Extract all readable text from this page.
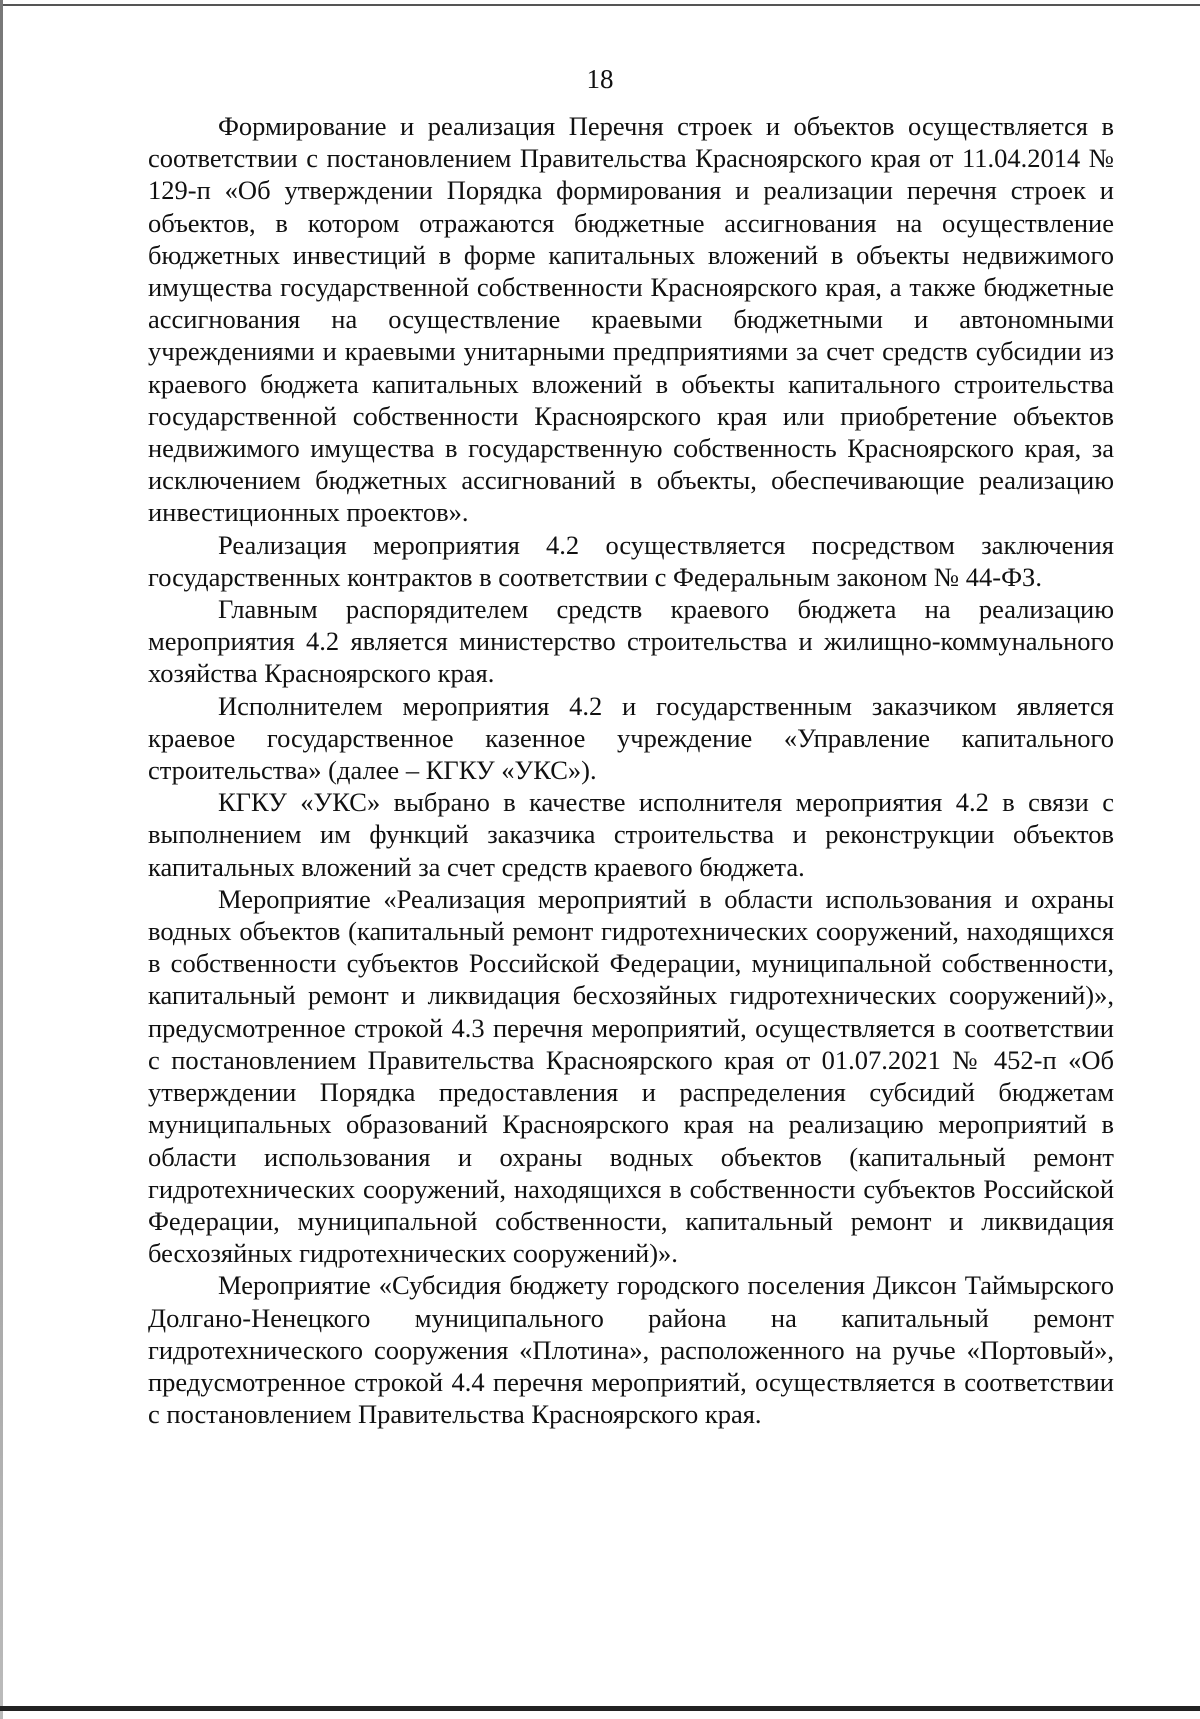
18

Формирование и реализация Перечня строек и объектов осуществляется в соответствии с постановлением Правительства Красноярского края от 11.04.2014 № 129-п «Об утверждении Порядка формирования и реализации перечня строек и объектов, в котором отражаются бюджетные ассигнования на осуществление бюджетных инвестиций в форме капитальных вложений в объекты недвижимого имущества государственной собственности Красноярского края, а также бюджетные ассигнования на осуществление краевыми бюджетными и автономными учреждениями и краевыми унитарными предприятиями за счет средств субсидии из краевого бюджета капитальных вложений в объекты капитального строительства государственной собственности Красноярского края или приобретение объектов недвижимого имущества в государственную собственность Красноярского края, за исключением бюджетных ассигнований в объекты, обеспечивающие реализацию инвестиционных проектов».

Реализация мероприятия 4.2 осуществляется посредством заключения государственных контрактов в соответствии с Федеральным законом № 44-ФЗ.

Главным распорядителем средств краевого бюджета на реализацию мероприятия 4.2 является министерство строительства и жилищно-коммунального хозяйства Красноярского края.

Исполнителем мероприятия 4.2 и государственным заказчиком является краевое государственное казенное учреждение «Управление капитального строительства» (далее – КГКУ «УКС»).

КГКУ «УКС» выбрано в качестве исполнителя мероприятия 4.2 в связи с выполнением им функций заказчика строительства и реконструкции объектов капитальных вложений за счет средств краевого бюджета.

Мероприятие «Реализация мероприятий в области использования и охраны водных объектов (капитальный ремонт гидротехнических сооружений, находящихся в собственности субъектов Российской Федерации, муниципальной собственности, капитальный ремонт и ликвидация бесхозяйных гидротехнических сооружений)», предусмотренное строкой 4.3 перечня мероприятий, осуществляется в соответствии с постановлением Правительства Красноярского края от 01.07.2021 № 452-п «Об утверждении Порядка предоставления и распределения субсидий бюджетам муниципальных образований Красноярского края на реализацию мероприятий в области использования и охраны водных объектов (капитальный ремонт гидротехнических сооружений, находящихся в собственности субъектов Российской Федерации, муниципальной собственности, капитальный ремонт и ликвидация бесхозяйных гидротехнических сооружений)».

Мероприятие «Субсидия бюджету городского поселения Диксон Таймырского Долгано-Ненецкого муниципального района на капитальный ремонт гидротехнического сооружения «Плотина», расположенного на ручье «Портовый», предусмотренное строкой 4.4 перечня мероприятий, осуществляется в соответствии с постановлением Правительства Красноярского края.
